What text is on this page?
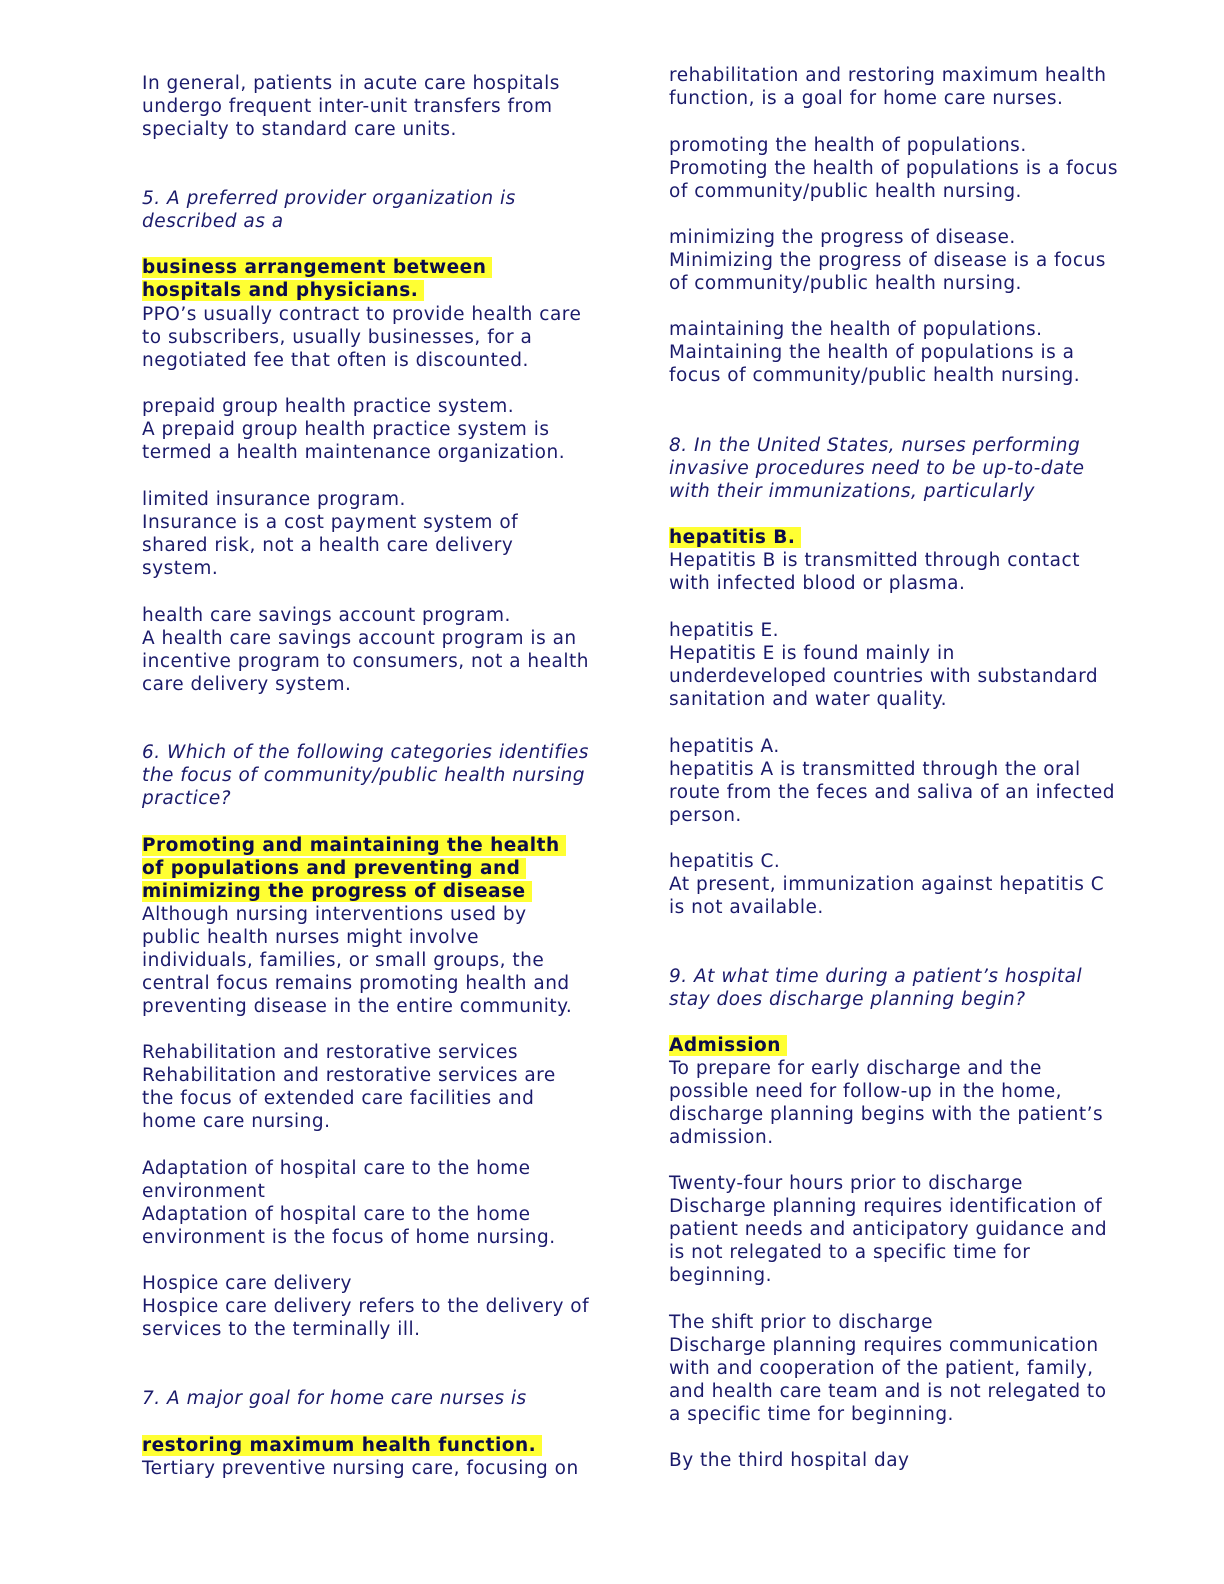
In general, patients in acute care hospitals
undergo frequent inter-unit transfers from
specialty to standard care units.
5. A preferred provider organization is
described as a
business arrangement between
hospitals and physicians.
PPO’s usually contract to provide health care
to subscribers, usually businesses, for a
negotiated fee that often is discounted.
prepaid group health practice system.
A prepaid group health practice system is
termed a health maintenance organization.
limited insurance program.
Insurance is a cost payment system of
shared risk, not a health care delivery
system.
health care savings account program.
A health care savings account program is an
incentive program to consumers, not a health
care delivery system.
6. Which of the following categories identifies
the focus of community/public health nursing
practice?
Promoting and maintaining the health
of populations and preventing and
minimizing the progress of disease
Although nursing interventions used by
public health nurses might involve
individuals, families, or small groups, the
central focus remains promoting health and
preventing disease in the entire community.
Rehabilitation and restorative services
Rehabilitation and restorative services are
the focus of extended care facilities and
home care nursing.
Adaptation of hospital care to the home
environment
Adaptation of hospital care to the home
environment is the focus of home nursing.
Hospice care delivery
Hospice care delivery refers to the delivery of
services to the terminally ill.
7. A major goal for home care nurses is
restoring maximum health function.
Tertiary preventive nursing care, focusing on
rehabilitation and restoring maximum health
function, is a goal for home care nurses.
promoting the health of populations.
Promoting the health of populations is a focus
of community/public health nursing.
minimizing the progress of disease.
Minimizing the progress of disease is a focus
of community/public health nursing.
maintaining the health of populations.
Maintaining the health of populations is a
focus of community/public health nursing.
8. In the United States, nurses performing
invasive procedures need to be up-to-date
with their immunizations, particularly
hepatitis B.
Hepatitis B is transmitted through contact
with infected blood or plasma.
hepatitis E.
Hepatitis E is found mainly in
underdeveloped countries with substandard
sanitation and water quality.
hepatitis A.
hepatitis A is transmitted through the oral
route from the feces and saliva of an infected
person.
hepatitis C.
At present, immunization against hepatitis C
is not available.
9. At what time during a patient’s hospital
stay does discharge planning begin?
Admission
To prepare for early discharge and the
possible need for follow-up in the home,
discharge planning begins with the patient’s
admission.
Twenty-four hours prior to discharge
Discharge planning requires identification of
patient needs and anticipatory guidance and
is not relegated to a specific time for
beginning.
The shift prior to discharge
Discharge planning requires communication
with and cooperation of the patient, family,
and health care team and is not relegated to
a specific time for beginning.
By the third hospital day
